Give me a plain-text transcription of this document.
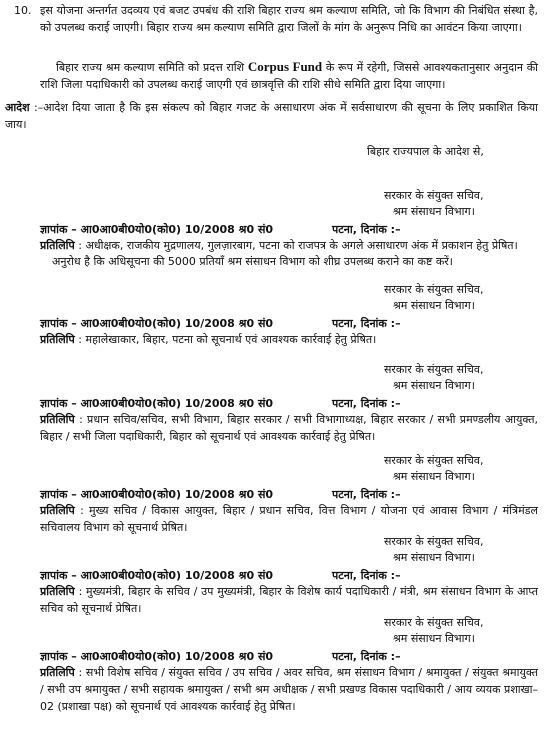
10. इस योजना अन्तर्गत उदव्यय एवं बजट उपबंध की राशि बिहार राज्य श्रम कल्याण समिति, जो कि विभाग की निबंधित संस्था है, को उपलब्ध कराई जाएगी। बिहार राज्य श्रम कल्याण समिति द्वारा जिलों के मांग के अनुरूप निधि का आवंटन किया जाएगा।
बिहार राज्य श्रम कल्याण समिति को प्रदत्त राशि Corpus Fund के रूप में रहेगी, जिससे आवश्यकतानुसार अनुदान की राशि जिला पदाधिकारी को उपलब्ध कराई जाएगी एवं छात्रवृत्ति की राशि सीधे समिति द्वारा दिया जाएगा।
आदेश :–आदेश दिया जाता है कि इस संकल्प को बिहार गजट के असाधारण अंक में सर्वसाधारण की सूचना के लिए प्रकाशित किया जाय।
बिहार राज्यपाल के आदेश से,
सरकार के संयुक्त सचिव,
श्रम संसाधन विभाग।
ज्ञापांक – आ0आ0बी0यो0(को0) 10/2008 श्र0 सं0	पटना, दिनांक :–
प्रतिलिपि : अधीक्षक, राजकीय मुद्रणालय, गुलज़ारबाग, पटना को राजपत्र के अगले असाधारण अंक में प्रकाशन हेतु प्रेषित।
अनुरोध है कि अधिसूचना की 5000 प्रतियाँ श्रम संसाधन विभाग को शीघ्र उपलब्ध कराने का कष्ट करें।
सरकार के संयुक्त सचिव,
श्रम संसाधन विभाग।
ज्ञापांक – आ0आ0बी0यो0(को0) 10/2008 श्र0 सं0	पटना, दिनांक :–
प्रतिलिपि : महालेखाकार, बिहार, पटना को सूचनार्थ एवं आवश्यक कार्रवाई हेतु प्रेषित।
सरकार के संयुक्त सचिव,
श्रम संसाधन विभाग।
ज्ञापांक – आ0आ0बी0यो0(को0) 10/2008 श्र0 सं0	पटना, दिनांक :–
प्रतिलिपि : प्रधान सचिव/सचिव, सभी विभाग, बिहार सरकार / सभी विभागाध्यक्ष, बिहार सरकार / सभी प्रमण्डलीय आयुक्त, बिहार / सभी जिला पदाधिकारी, बिहार को सूचनार्थ एवं आवश्यक कार्रवाई हेतु प्रेषित।
सरकार के संयुक्त सचिव,
श्रम संसाधन विभाग।
ज्ञापांक – आ0आ0बी0यो0(को0) 10/2008 श्र0 सं0	पटना, दिनांक :–
प्रतिलिपि : मुख्य सचिव / विकास आयुक्त, बिहार / प्रधान सचिव, वित्त विभाग / योजना एवं आवास विभाग / मंत्रिमंडल सचिवालय विभाग को सूचनार्थ प्रेषित।
सरकार के संयुक्त सचिव,
श्रम संसाधन विभाग।
ज्ञापांक – आ0आ0बी0यो0(को0) 10/2008 श्र0 सं0	पटना, दिनांक :–
प्रतिलिपि : मुख्यमंत्री, बिहार के सचिव / उप मुख्यमंत्री, बिहार के विशेष कार्य पदाधिकारी / मंत्री, श्रम संसाधन विभाग के आप्त सचिव को सूचनार्थ प्रेषित।
सरकार के संयुक्त सचिव,
श्रम संसाधन विभाग।
ज्ञापांक – आ0आ0बी0यो0(को0) 10/2008 श्र0 सं0	पटना, दिनांक :–
प्रतिलिपि : सभी विशेष सचिव / संयुक्त सचिव / उप सचिव / अवर सचिव, श्रम संसाधन विभाग / श्रमायुक्त / संयुक्त श्रमायुक्त / सभी उप श्रमायुक्त / सभी सहायक श्रमायुक्त / सभी श्रम अधीक्षक / सभी प्रखण्ड विकास पदाधिकारी / आय व्ययक प्रशाखा–02 (प्रशाखा पक्ष) को सूचनार्थ एवं आवश्यक कार्रवाई हेतु प्रेषित।
